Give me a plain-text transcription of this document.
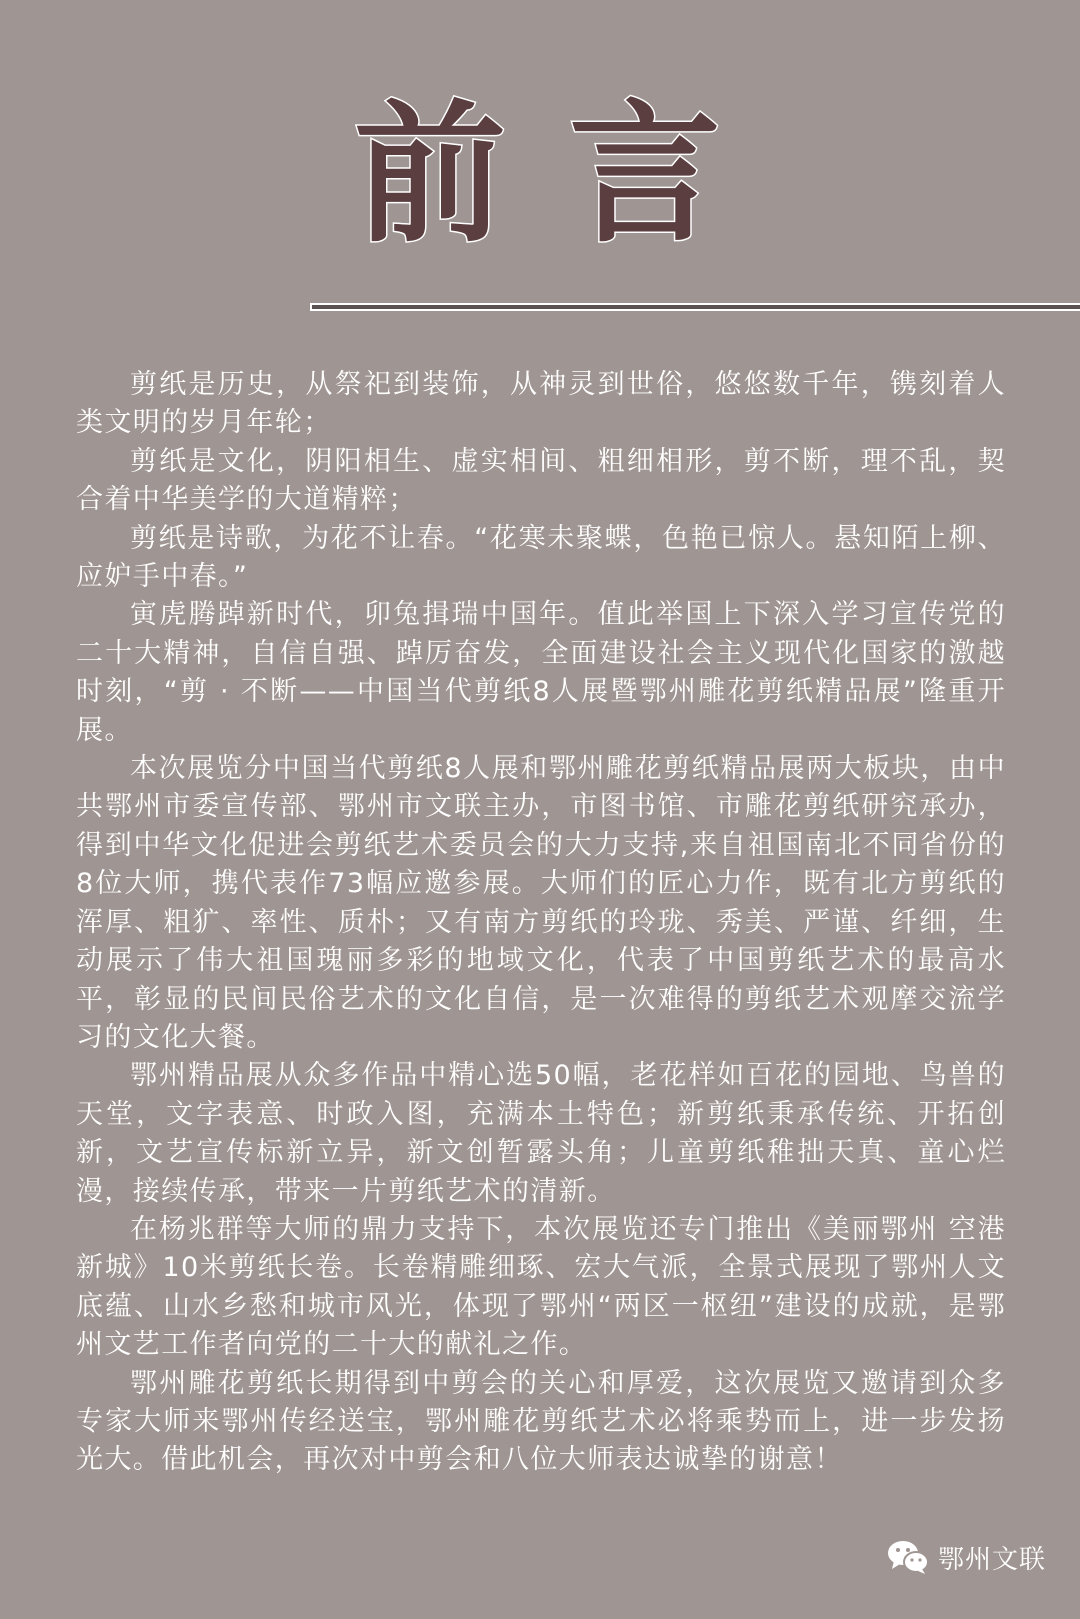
前 言

剪纸是历史，从祭祀到装饰，从神灵到世俗，悠悠数千年，镌刻着人类文明的岁月年轮；

剪纸是文化，阴阳相生、虚实相间、粗细相形，剪不断，理不乱，契合着中华美学的大道精粹；

剪纸是诗歌，为花不让春。“花寒未聚蝶，色艳已惊人。悬知陌上柳、应妒手中春。”

寅虎腾踔新时代，卯兔揖瑞中国年。值此举国上下深入学习宣传党的二十大精神，自信自强、踔厉奋发，全面建设社会主义现代化国家的激越时刻，“剪 · 不断——中国当代剪纸8人展暨鄂州雕花剪纸精品展”隆重开展。

本次展览分中国当代剪纸8人展和鄂州雕花剪纸精品展两大板块，由中共鄂州市委宣传部、鄂州市文联主办，市图书馆、市雕花剪纸研究承办，得到中华文化促进会剪纸艺术委员会的大力支持,来自祖国南北不同省份的8位大师，携代表作73幅应邀参展。大师们的匠心力作，既有北方剪纸的浑厚、粗犷、率性、质朴；又有南方剪纸的玲珑、秀美、严谨、纤细，生动展示了伟大祖国瑰丽多彩的地域文化，代表了中国剪纸艺术的最高水平，彰显的民间民俗艺术的文化自信，是一次难得的剪纸艺术观摩交流学习的文化大餐。

鄂州精品展从众多作品中精心选50幅，老花样如百花的园地、鸟兽的天堂，文字表意、时政入图，充满本土特色；新剪纸秉承传统、开拓创新，文艺宣传标新立异，新文创暂露头角；儿童剪纸稚拙天真、童心烂漫，接续传承，带来一片剪纸艺术的清新。

在杨兆群等大师的鼎力支持下，本次展览还专门推出《美丽鄂州 空港新城》10米剪纸长卷。长卷精雕细琢、宏大气派，全景式展现了鄂州人文底蕴、山水乡愁和城市风光，体现了鄂州“两区一枢纽”建设的成就，是鄂州文艺工作者向党的二十大的献礼之作。

鄂州雕花剪纸长期得到中剪会的关心和厚爱，这次展览又邀请到众多专家大师来鄂州传经送宝，鄂州雕花剪纸艺术必将乘势而上，进一步发扬光大。借此机会，再次对中剪会和八位大师表达诚挚的谢意！

鄂州文联
